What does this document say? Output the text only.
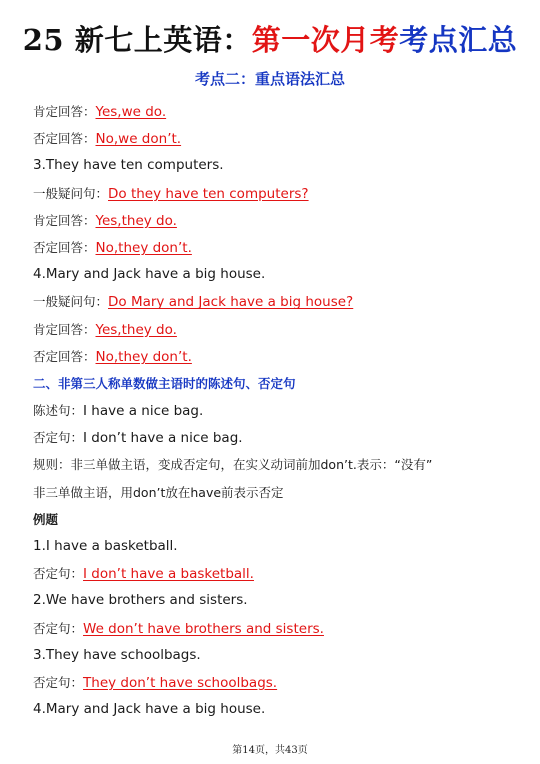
25 新七上英语：第一次月考考点汇总
考点二：重点语法汇总
肯定回答：Yes,we do.
否定回答：No,we don’t.
3.They have ten computers.
一般疑问句：Do they have ten computers?
肯定回答：Yes,they do.
否定回答：No,they don’t.
4.Mary and Jack have a big house.
一般疑问句：Do Mary and Jack have a big house?
肯定回答：Yes,they do.
否定回答：No,they don’t.
二、非第三人称单数做主语时的陈述句、否定句
陈述句：I have a nice bag.
否定句：I don’t have a nice bag.
规则：非三单做主语，变成否定句，在实义动词前加don’t.表示：“没有”
非三单做主语，用don’t放在have前表示否定
例题
1.I have a basketball.
否定句：I don’t have a basketball.
2.We have brothers and sisters.
否定句：We don’t have brothers and sisters.
3.They have schoolbags.
否定句：They don’t have schoolbags.
4.Mary and Jack have a big house.
第14页，共43页
